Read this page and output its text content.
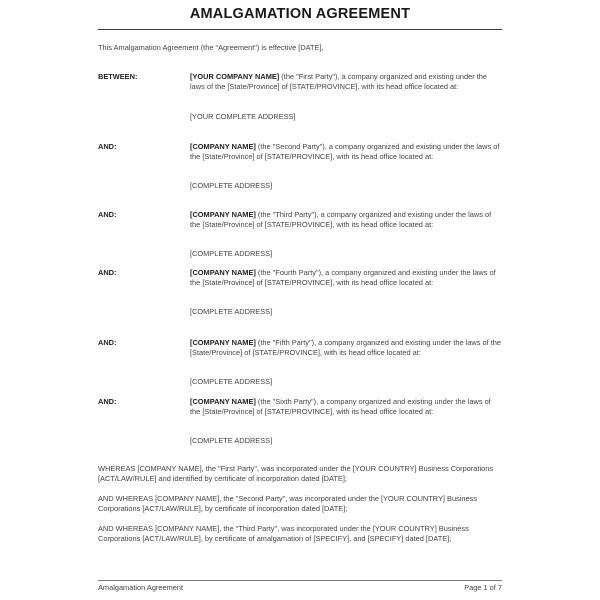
AMALGAMATION AGREEMENT
This Amalgamation Agreement (the "Agreement") is effective [DATE],
BETWEEN:	[YOUR COMPANY NAME] (the "First Party"), a company organized and existing under the laws of the [State/Province] of [STATE/PROVINCE], with its head office located at:
[YOUR COMPLETE ADDRESS]
AND:	[COMPANY NAME] (the "Second Party"), a company organized and existing under the laws of the [State/Province] of [STATE/PROVINCE], with its head office located at:
[COMPLETE ADDRESS]
AND:	[COMPANY NAME] (the "Third Party"), a company organized and existing under the laws of the [State/Province] of [STATE/PROVINCE], with its head office located at:
[COMPLETE ADDRESS]
AND:	[COMPANY NAME] (the "Fourth Party"), a company organized and existing under the laws of the [State/Province] of [STATE/PROVINCE], with its head office located at:
[COMPLETE ADDRESS]
AND:	[COMPANY NAME] (the "Fifth Party"), a company organized and existing under the laws of the [State/Province] of [STATE/PROVINCE], with its head office located at:
[COMPLETE ADDRESS]
AND:	[COMPANY NAME] (the "Sixth Party"), a company organized and existing under the laws of the [State/Province] of [STATE/PROVINCE], with its head office located at:
[COMPLETE ADDRESS]
WHEREAS [COMPANY NAME], the "First Party", was incorporated under the [YOUR COUNTRY] Business Corporations [ACT/LAW/RULE] and identified by certificate of incorporation dated [DATE];
AND WHEREAS [COMPANY NAME], the "Second Party", was incorporated under the [YOUR COUNTRY] Business Corporations [ACT/LAW/RULE], by certificate of incorporation dated [DATE];
AND WHEREAS [COMPANY NAME], the "Third Party", was incorporated under the [YOUR COUNTRY] Business Corporations [ACT/LAW/RULE], by certificate of amalgamation of [SPECIFY], and [SPECIFY] dated [DATE];
Amalgamation Agreement	Page 1 of 7
